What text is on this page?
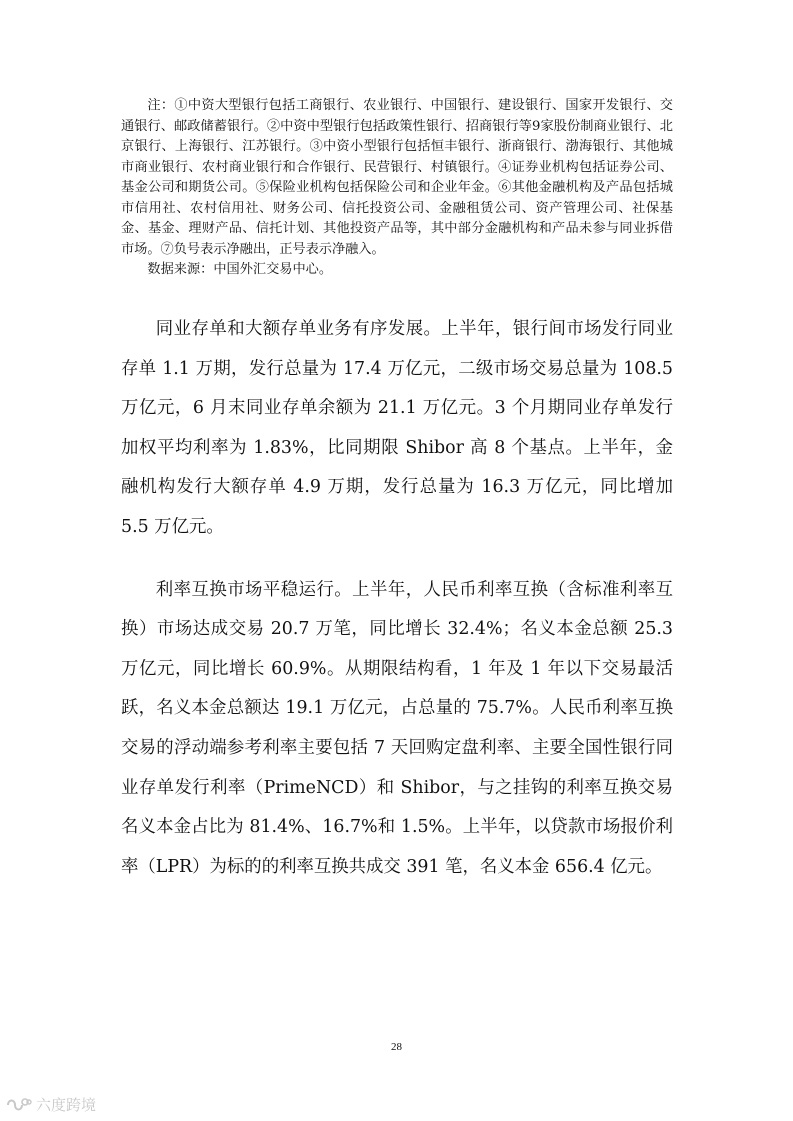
注：①中资大型银行包括工商银行、农业银行、中国银行、建设银行、国家开发银行、交通银行、邮政储蓄银行。②中资中型银行包括政策性银行、招商银行等9家股份制商业银行、北京银行、上海银行、江苏银行。③中资小型银行包括恒丰银行、浙商银行、渤海银行、其他城市商业银行、农村商业银行和合作银行、民营银行、村镇银行。④证券业机构包括证券公司、基金公司和期货公司。⑤保险业机构包括保险公司和企业年金。⑥其他金融机构及产品包括城市信用社、农村信用社、财务公司、信托投资公司、金融租赁公司、资产管理公司、社保基金、基金、理财产品、信托计划、其他投资产品等，其中部分金融机构和产品未参与同业拆借市场。⑦负号表示净融出，正号表示净融入。

数据来源：中国外汇交易中心。

同业存单和大额存单业务有序发展。上半年，银行间市场发行同业存单 1.1 万期，发行总量为 17.4 万亿元，二级市场交易总量为 108.5 万亿元，6 月末同业存单余额为 21.1 万亿元。3 个月期同业存单发行加权平均利率为 1.83%，比同期限 Shibor 高 8 个基点。上半年，金融机构发行大额存单 4.9 万期，发行总量为 16.3 万亿元，同比增加 5.5 万亿元。

利率互换市场平稳运行。上半年，人民币利率互换（含标准利率互换）市场达成交易 20.7 万笔，同比增长 32.4%；名义本金总额 25.3 万亿元，同比增长 60.9%。从期限结构看，1 年及 1 年以下交易最活跃，名义本金总额达 19.1 万亿元，占总量的 75.7%。人民币利率互换交易的浮动端参考利率主要包括 7 天回购定盘利率、主要全国性银行同业存单发行利率（PrimeNCD）和 Shibor，与之挂钩的利率互换交易名义本金占比为 81.4%、16.7%和 1.5%。上半年，以贷款市场报价利率（LPR）为标的的利率互换共成交 391 笔，名义本金 656.4 亿元。

28
六度跨境
